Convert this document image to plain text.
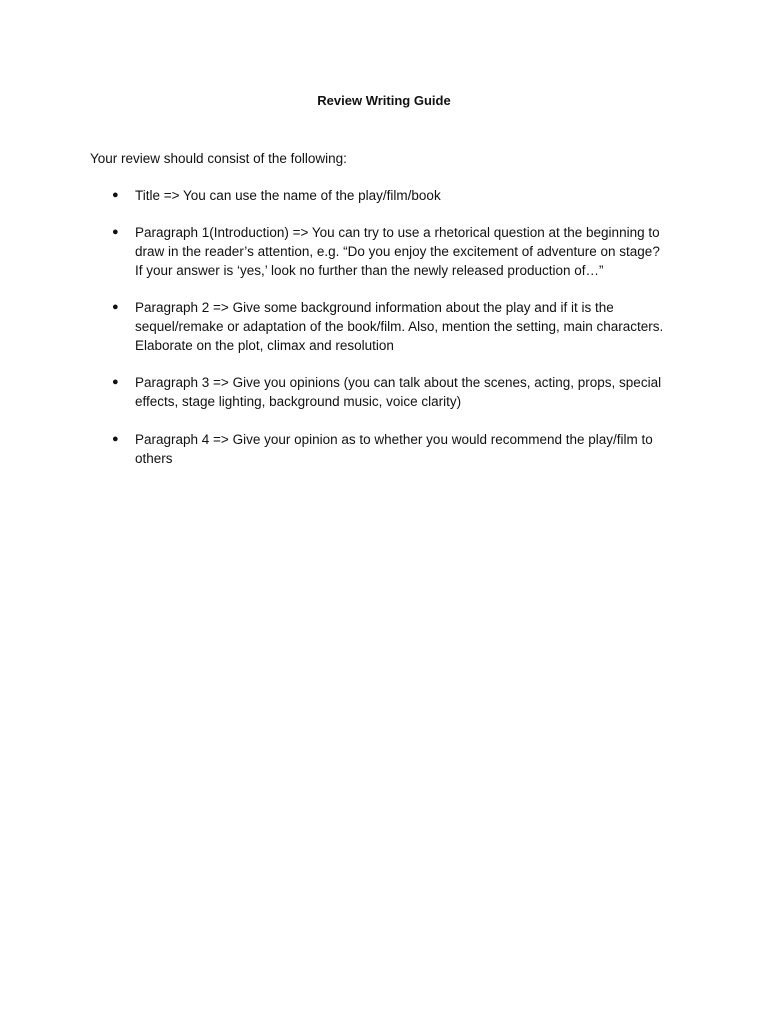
Review Writing Guide
Your review should consist of the following:
● Title => You can use the name of the play/film/book
● Paragraph 1(Introduction) => You can try to use a rhetorical question at the beginning to
draw in the reader’s attention, e.g. “Do you enjoy the excitement of adventure on stage?
If your answer is ‘yes,’ look no further than the newly released production of…”
● Paragraph 2 => Give some background information about the play and if it is the
sequel/remake or adaptation of the book/film. Also, mention the setting, main characters.
Elaborate on the plot, climax and resolution
● Paragraph 3 => Give you opinions (you can talk about the scenes, acting, props, special
effects, stage lighting, background music, voice clarity)
● Paragraph 4 => Give your opinion as to whether you would recommend the play/film to
others
